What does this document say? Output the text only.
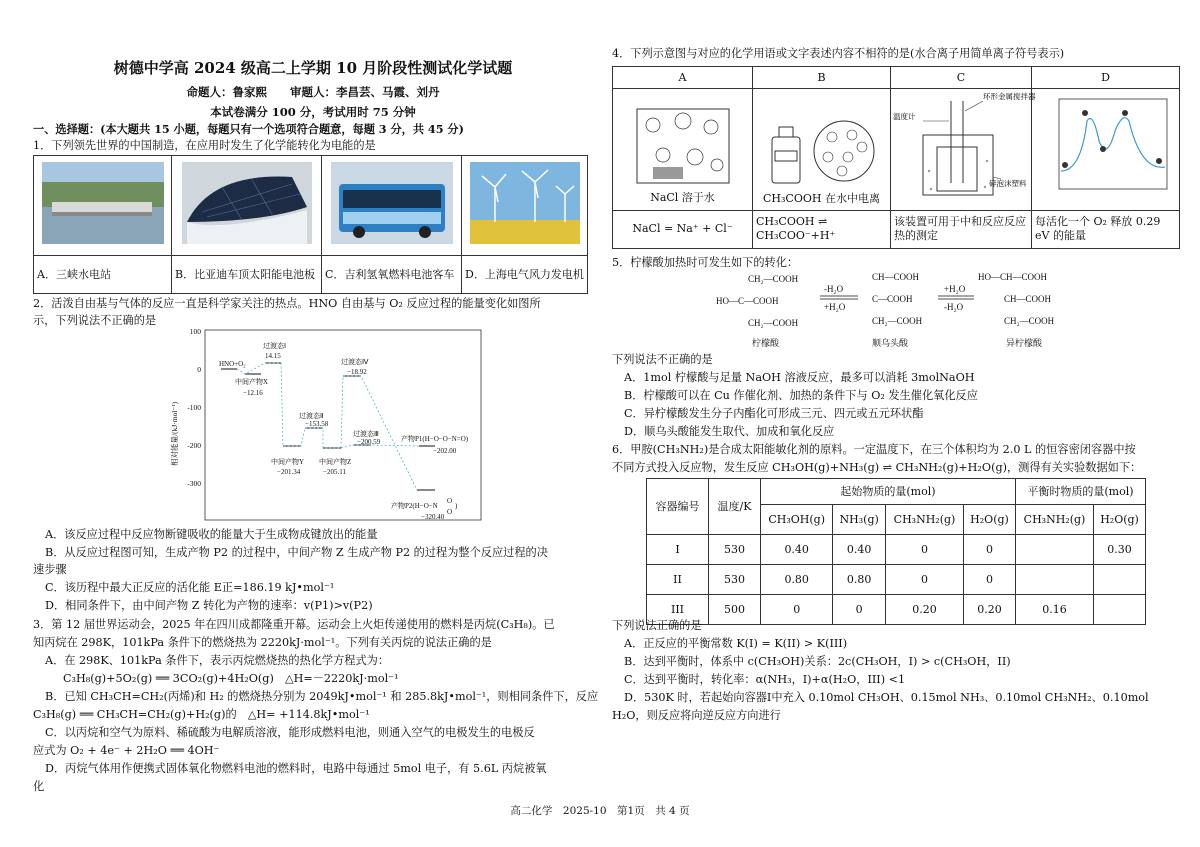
树德中学高 2024 级高二上学期 10 月阶段性测试化学试题
命题人：鲁家熙　　审题人：李昌芸、马霞、刘丹
本试卷满分 100 分，考试用时 75 分钟

一、选择题：(本大题共 15 小题，每题只有一个选项符合题意，每题 3 分，共 45 分)

1．下列领先世界的中国制造，在应用时发生了化学能转化为电能的是

A．三峡水电站	B．比亚迪车顶太阳能电池板	C．吉利氢氧燃料电池客车	D．上海电气风力发电机

2．活泼自由基与气体的反应一直是科学家关注的热点。HNO 自由基与 O₂ 反应过程的能量变化如图所

示，下列说法不正确的是

100
0
-100
-200
-300
相对能量/(kJ·mol⁻¹)
HNO+O₂
过渡态Ⅰ
14.15
中间产物X
−12.16
过渡态Ⅱ
−153.58
中间产物Y
−201.34
过渡态Ⅳ
−18.92
中间产物Z
−205.11
过渡态Ⅲ
−200.59	产物P1(H−O−O−N=O)
−202.00
产物P2(H−O−N
O
O
)
−320.40

A．该反应过程中反应物断键吸收的能量大于生成物成键放出的能量

B．从反应过程图可知，生成产物 P2 的过程中，中间产物 Z 生成产物 P2 的过程为整个反应过程的决

速步骤

C．该历程中最大正反应的活化能 E正=186.19 kJ•mol⁻¹

D．相同条件下，由中间产物 Z 转化为产物的速率：v(P1)>v(P2)

3．第 12 届世界运动会，2025 年在四川成都隆重开幕。运动会上火炬传递使用的燃料是丙烷(C₃H₈)。已

知丙烷在 298K，101kPa 条件下的燃烧热为 2220kJ·mol⁻¹。下列有关丙烷的说法正确的是

A．在 298K、101kPa 条件下，表示丙烷燃烧热的热化学方程式为：

C₃H₈(g)+5O₂(g) ══ 3CO₂(g)+4H₂O(g)　△H=－2220kJ·mol⁻¹

B．已知 CH₃CH=CH₂(丙烯)和 H₂ 的燃烧热分别为 2049kJ•mol⁻¹ 和 285.8kJ•mol⁻¹，则相同条件下，反应

C₃H₈(g) ══ CH₃CH=CH₂(g)+H₂(g)的　△H= +114.8kJ•mol⁻¹

C．以丙烷和空气为原料、稀硫酸为电解质溶液，能形成燃料电池，则通入空气的电极发生的电极反

应式为 O₂ + 4e⁻ + 2H₂O ══ 4OH⁻

D．丙烷气体用作便携式固体氧化物燃料电池的燃料时，电路中每通过 5mol 电子，有 5.6L 丙烷被氧

化

4．下列示意图与对应的化学用语或文字表述内容不相符的是(水合离子用简单离子符号表示)

A	B	C	D

NaCl 溶于水	CH₃COOH 在水中电离	环形金属搅拌器
温度计
碎泡沫塑料

NaCl = Na⁺ + Cl⁻	CH₃COOH ⇌ CH₃COO⁻+H⁺	该装置可用于中和反应反应热的测定	每活化一个 O₂ 释放 0.29 eV 的能量

5．柠檬酸加热时可发生如下的转化：

CH₂—COOH
HO—C—COOH
CH₂—COOH
CH—COOH
C—COOH
CH₂—COOH
HO—CH—COOH
CH—COOH
CH₂—COOH
-H₂O
+H₂O
+H₂O
-H₂O
柠檬酸	顺乌头酸	异柠檬酸

下列说法不正确的是

A．1mol 柠檬酸与足量 NaOH 溶液反应，最多可以消耗 3molNaOH

B．柠檬酸可以在 Cu 作催化剂、加热的条件下与 O₂ 发生催化氧化反应

C．异柠檬酸发生分子内酯化可形成三元、四元或五元环状酯

D．顺乌头酸能发生取代、加成和氧化反应

6．甲胺(CH₃NH₂)是合成太阳能敏化剂的原料。一定温度下，在三个体积均为 2.0 L 的恒容密闭容器中按

不同方式投入反应物，发生反应 CH₃OH(g)+NH₃(g) ⇌ CH₃NH₂(g)+H₂O(g)，测得有关实验数据如下：

容器编号	温度/K	起始物质的量(mol)				平衡时物质的量(mol)	
		CH₃OH(g)	NH₃(g)	CH₃NH₂(g)	H₂O(g)	CH₃NH₂(g)	H₂O(g)
I	530	0.40	0.40	0	0		0.30
II	530	0.80	0.80	0	0		
III	500	0	0	0.20	0.20	0.16	

下列说法正确的是

A．正反应的平衡常数 K(I) = K(II) > K(III)

B．达到平衡时，体系中 c(CH₃OH)关系：2c(CH₃OH，I) > c(CH₃OH，II)

C．达到平衡时，转化率：α(NH₃，I)+α(H₂O，III) <1

D．530K 时，若起始向容器I中充入 0.10mol CH₃OH、0.15mol NH₃、0.10mol CH₃NH₂、0.10mol

H₂O，则反应将向逆反应方向进行

高二化学　2025-10　第1页　共 4 页
